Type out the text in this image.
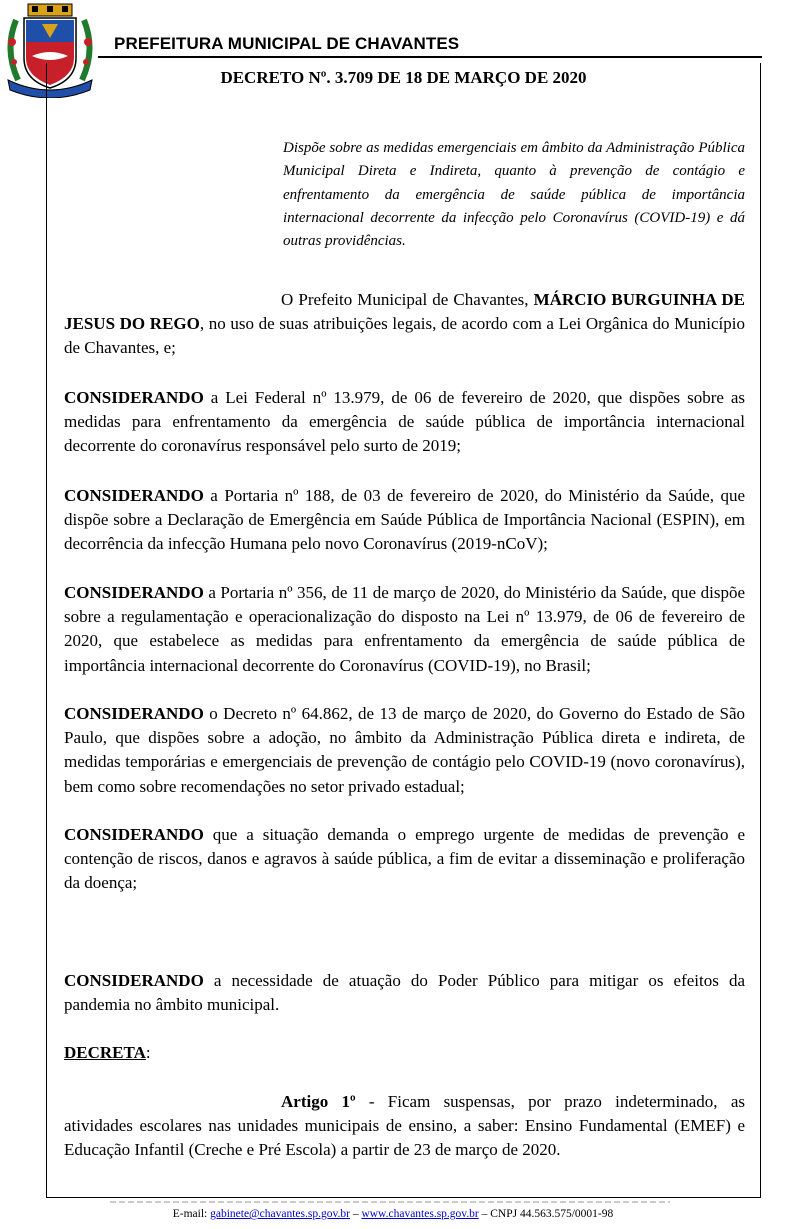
PREFEITURA MUNICIPAL DE CHAVANTES
DECRETO Nº. 3.709 DE 18 DE MARÇO DE 2020
Dispõe sobre as medidas emergenciais em âmbito da Administração Pública Municipal Direta e Indireta, quanto à prevenção de contágio e enfrentamento da emergência de saúde pública de importância internacional decorrente da infecção pelo Coronavírus (COVID-19) e dá outras providências.

O Prefeito Municipal de Chavantes, MÁRCIO BURGUINHA DE JESUS DO REGO, no uso de suas atribuições legais, de acordo com a Lei Orgânica do Município de Chavantes, e;

CONSIDERANDO a Lei Federal nº 13.979, de 06 de fevereiro de 2020, que dispões sobre as medidas para enfrentamento da emergência de saúde pública de importância internacional decorrente do coronavírus responsável pelo surto de 2019;

CONSIDERANDO a Portaria nº 188, de 03 de fevereiro de 2020, do Ministério da Saúde, que dispõe sobre a Declaração de Emergência em Saúde Pública de Importância Nacional (ESPIN), em decorrência da infecção Humana pelo novo Coronavírus (2019-nCoV);

CONSIDERANDO a Portaria nº 356, de 11 de março de 2020, do Ministério da Saúde, que dispõe sobre a regulamentação e operacionalização do disposto na Lei nº 13.979, de 06 de fevereiro de 2020, que estabelece as medidas para enfrentamento da emergência de saúde pública de importância internacional decorrente do Coronavírus (COVID-19), no Brasil;

CONSIDERANDO o Decreto nº 64.862, de 13 de março de 2020, do Governo do Estado de São Paulo, que dispões sobre a adoção, no âmbito da Administração Pública direta e indireta, de medidas temporárias e emergenciais de prevenção de contágio pelo COVID-19 (novo coronavírus), bem como sobre recomendações no setor privado estadual;

CONSIDERANDO que a situação demanda o emprego urgente de medidas de prevenção e contenção de riscos, danos e agravos à saúde pública, a fim de evitar a disseminação e proliferação da doença;

CONSIDERANDO a necessidade de atuação do Poder Público para mitigar os efeitos da pandemia no âmbito municipal.

DECRETA:

Artigo 1º - Ficam suspensas, por prazo indeterminado, as atividades escolares nas unidades municipais de ensino, a saber: Ensino Fundamental (EMEF) e Educação Infantil (Creche e Pré Escola) a partir de 23 de março de 2020.

E-mail: gabinete@chavantes.sp.gov.br – www.chavantes.sp.gov.br – CNPJ 44.563.575/0001-98
